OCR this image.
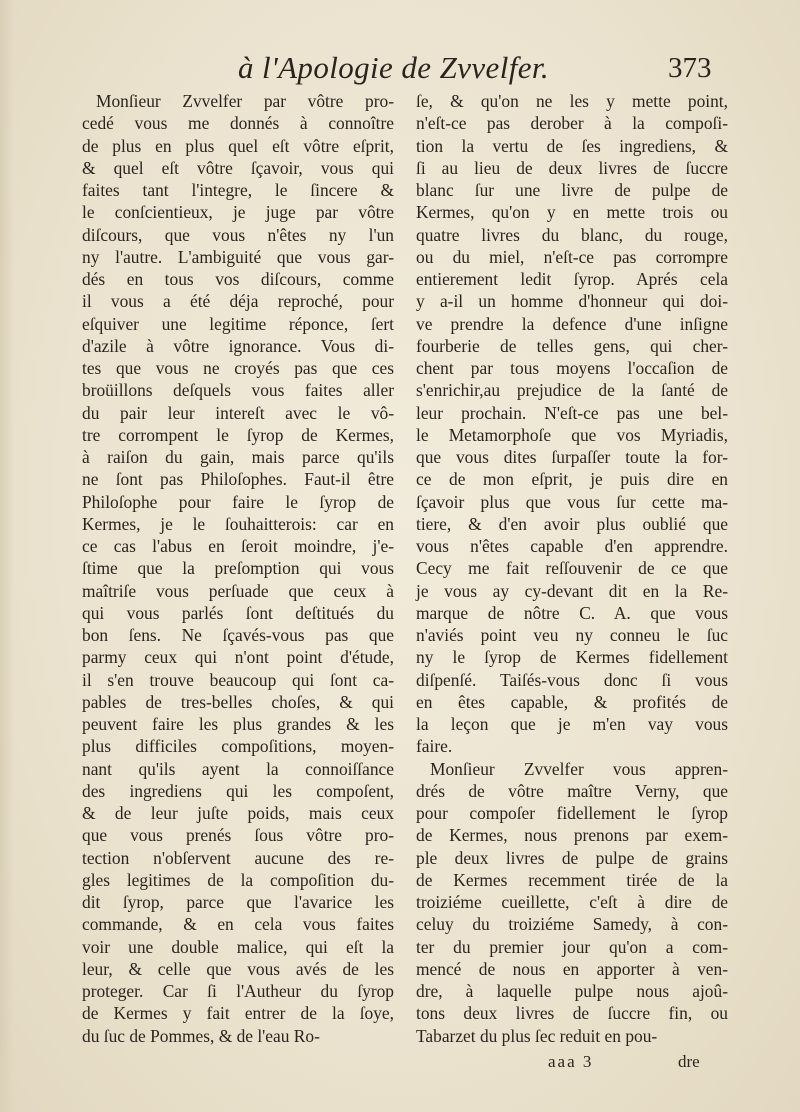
à l'Apologie de Zvvelfer.	373
Monſieur Zvvelfer par vôtre pro-
cedé vous me donnés à connoître
de plus en plus quel eſt vôtre eſprit,
& quel eſt vôtre ſçavoir, vous qui
faites tant l'integre, le ſincere &
le conſcientieux, je juge par vôtre
diſcours, que vous n'êtes ny l'un
ny l'autre. L'ambiguité que vous gar-
dés en tous vos diſcours, comme
il vous a été déja reproché, pour
eſquiver une legitime réponce, ſert
d'azile à vôtre ignorance. Vous di-
tes que vous ne croyés pas que ces
broüillons deſquels vous faites aller
du pair leur intereſt avec le vô-
tre corrompent le ſyrop de Kermes,
à raiſon du gain, mais parce qu'ils
ne ſont pas Philoſophes. Faut-il être
Philoſophe pour faire le ſyrop de
Kermes, je le ſouhaitterois: car en
ce cas l'abus en ſeroit moindre, j'e-
ſtime que la preſomption qui vous
maîtriſe vous perſuade que ceux à
qui vous parlés ſont deſtitués du
bon ſens. Ne ſçavés-vous pas que
parmy ceux qui n'ont point d'étude,
il s'en trouve beaucoup qui ſont ca-
pables de tres-belles choſes, & qui
peuvent faire les plus grandes & les
plus difficiles compoſitions, moyen-
nant qu'ils ayent la connoiſſance
des ingrediens qui les compoſent,
& de leur juſte poids, mais ceux
que vous prenés ſous vôtre pro-
tection n'obſervent aucune des re-
gles legitimes de la compoſition du-
dit ſyrop, parce que l'avarice les
commande, & en cela vous faites
voir une double malice, qui eſt la
leur, & celle que vous avés de les
proteger. Car ſi l'Autheur du ſyrop
de Kermes y fait entrer de la ſoye,
du ſuc de Pommes, & de l'eau Ro-
ſe, & qu'on ne les y mette point,
n'eſt-ce pas derober à la compoſi-
tion la vertu de ſes ingrediens, &
ſi au lieu de deux livres de ſuccre
blanc ſur une livre de pulpe de
Kermes, qu'on y en mette trois ou
quatre livres du blanc, du rouge,
ou du miel, n'eſt-ce pas corrompre
entierement ledit ſyrop. Aprés cela
y a-il un homme d'honneur qui doi-
ve prendre la defence d'une inſigne
fourberie de telles gens, qui cher-
chent par tous moyens l'occaſion de
s'enrichir,au prejudice de la ſanté de
leur prochain. N'eſt-ce pas une bel-
le Metamorphoſe que vos Myriadis,
que vous dites ſurpaſſer toute la for-
ce de mon eſprit, je puis dire en
ſçavoir plus que vous ſur cette ma-
tiere, & d'en avoir plus oublié que
vous n'êtes capable d'en apprendre.
Cecy me fait reſſouvenir de ce que
je vous ay cy-devant dit en la Re-
marque de nôtre C. A. que vous
n'aviés point veu ny conneu le ſuc
ny le ſyrop de Kermes fidellement
diſpenſé. Taiſés-vous donc ſi vous
en êtes capable, & profités de
la leçon que je m'en vay vous
faire.
Monſieur Zvvelfer vous appren-
drés de vôtre maître Verny, que
pour compoſer fidellement le ſyrop
de Kermes, nous prenons par exem-
ple deux livres de pulpe de grains
de Kermes recemment tirée de la
troiziéme cueillette, c'eſt à dire de
celuy du troiziéme Samedy, à con-
ter du premier jour qu'on a com-
mencé de nous en apporter à ven-
dre, à laquelle pulpe nous ajoû-
tons deux livres de ſuccre fin, ou
Tabarzet du plus ſec reduit en pou-
aaa 3	dre
